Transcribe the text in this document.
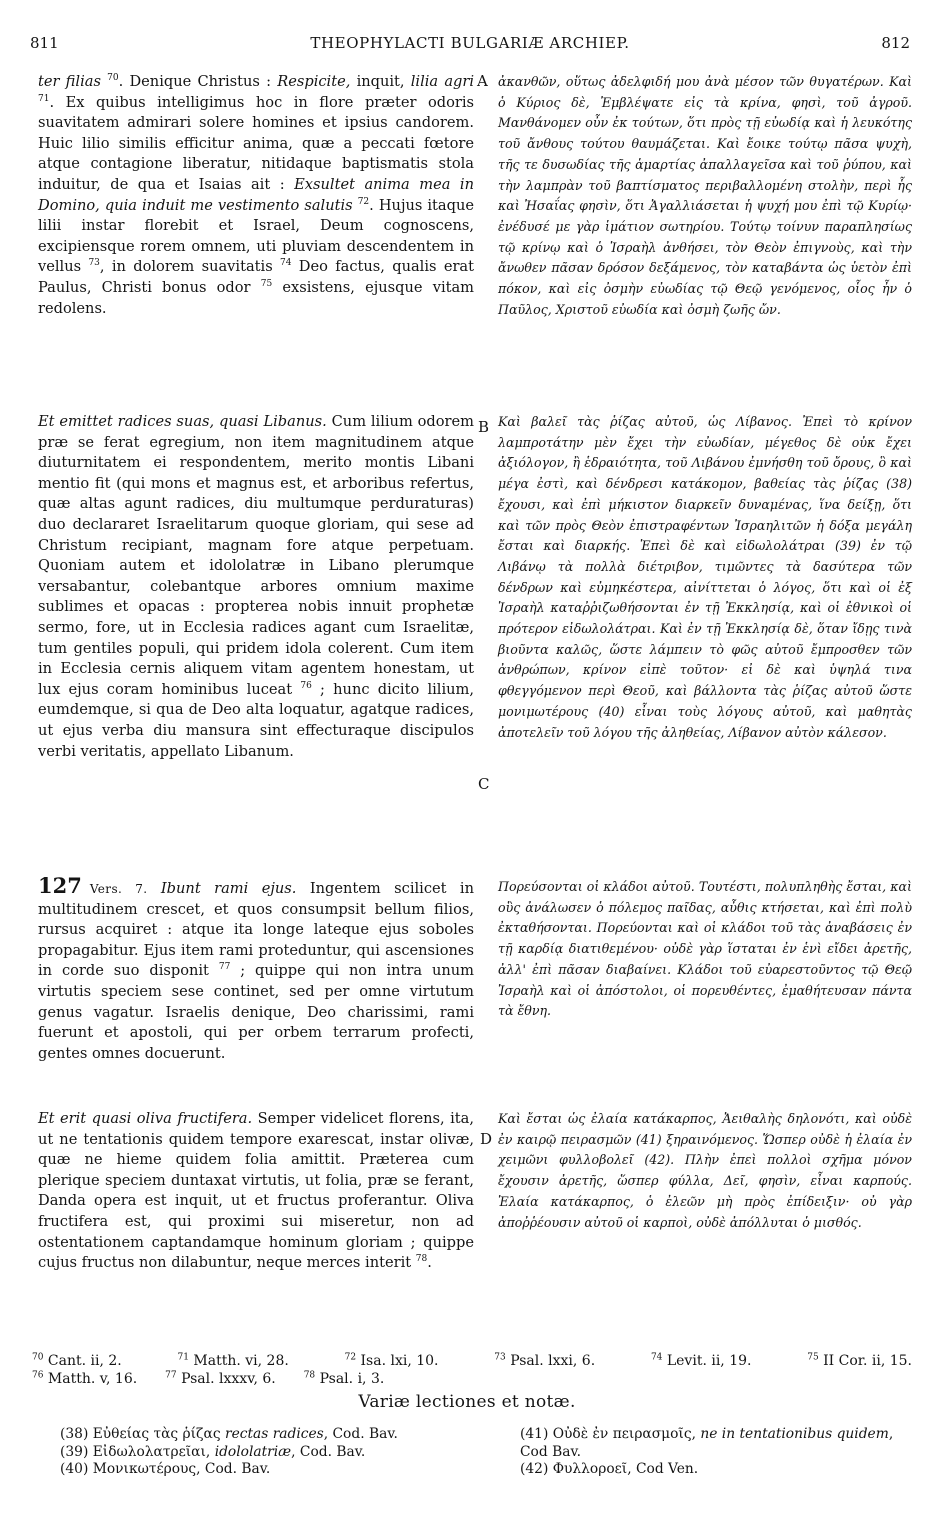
811	THEOPHYLACTI BULGARIÆ ARCHIEP.	812
A
B
C
D

ter filias $^{70}$. Denique Christus : Respicite, inquit, lilia agri $^{71}$. Ex quibus intelligimus hoc in flore præter odoris suavitatem admirari solere homines et ipsius candorem. Huic lilio similis efficitur anima, quæ a peccati fœtore atque contagione liberatur, nitidaque baptismatis stola induitur, de qua et Isaias ait : Exsultet anima mea in Domino, quia induit me vestimento salutis $^{72}$. Hujus itaque lilii instar florebit et Israel, Deum cognoscens, excipiensque rorem omnem, uti pluviam descendentem in vellus $^{73}$, in dolorem suavitatis $^{74}$ Deo factus, qualis erat Paulus, Christi bonus odor $^{75}$ exsistens, ejusque vitam redolens.

Et emittet radices suas, quasi Libanus. Cum lilium odorem præ se ferat egregium, non item magnitudinem atque diuturnitatem ei respondentem, merito montis Libani mentio fit (qui mons et magnus est, et arboribus refertus, quæ altas agunt radices, diu multumque perduraturas) duo declararet Israelitarum quoque gloriam, qui sese ad Christum recipiant, magnam fore atque perpetuam. Quoniam autem et idololatræ in Libano plerumque versabantur, colebantque arbores omnium maxime sublimes et opacas : propterea nobis innuit prophetæ sermo, fore, ut in Ecclesia radices agant cum Israelitæ, tum gentiles populi, qui pridem idola colerent. Cum item in Ecclesia cernis aliquem vitam agentem honestam, ut lux ejus coram hominibus luceat $^{76}$ ; hunc dicito lilium, eumdemque, si qua de Deo alta loquatur, agatque radices, ut ejus verba diu mansura sint effecturaque discipulos verbi veritatis, appellato Libanum.

127 Vers. 7. Ibunt rami ejus. Ingentem scilicet in multitudinem crescet, et quos consumpsit bellum filios, rursus acquiret : atque ita longe lateque ejus soboles propagabitur. Ejus item rami proteduntur, qui ascensiones in corde suo disponit $^{77}$ ; quippe qui non intra unum virtutis speciem sese continet, sed per omne virtutum genus vagatur. Israelis denique, Deo charissimi, rami fuerunt et apostoli, qui per orbem terrarum profecti, gentes omnes docuerunt.

Et erit quasi oliva fructifera. Semper videlicet florens, ita, ut ne tentationis quidem tempore exarescat, instar olivæ, quæ ne hieme quidem folia amittit. Præterea cum plerique speciem duntaxat virtutis, ut folia, præ se ferant, Danda opera est inquit, ut et fructus proferantur. Oliva fructifera est, qui proximi sui miseretur, non ad ostentationem captandamque hominum gloriam ; quippe cujus fructus non dilabuntur, neque merces interit $^{78}$.

ἀκανθῶν, οὕτως ἀδελφιδή μου ἀνὰ μέσον τῶν θυγατέρων. Καὶ ὁ Κύριος δὲ, Ἐμβλέψατε εἰς τὰ κρίνα, φησὶ, τοῦ ἀγροῦ. Μανθάνομεν οὖν ἐκ τούτων, ὅτι πρὸς τῇ εὐωδίᾳ καὶ ἡ λευκότης τοῦ ἄνθους τούτου θαυμάζεται. Καὶ ἔοικε τούτῳ πᾶσα ψυχὴ, τῆς τε δυσωδίας τῆς ἁμαρτίας ἀπαλλαγεῖσα καὶ τοῦ ῥύπου, καὶ τὴν λαμπρὰν τοῦ βαπτίσματος περιβαλλομένη στολὴν, περὶ ἧς καὶ Ἠσαΐας φησὶν, ὅτι Ἀγαλλιάσεται ἡ ψυχή μου ἐπὶ τῷ Κυρίῳ· ἐνέδυσέ με γὰρ ἱμάτιον σωτηρίου. Τούτῳ τοίνυν παραπλησίως τῷ κρίνῳ καὶ ὁ Ἰσραὴλ ἀνθήσει, τὸν Θεὸν ἐπιγνοὺς, καὶ τὴν ἄνωθεν πᾶσαν δρόσον δεξάμενος, τὸν καταβάντα ὡς ὑετὸν ἐπὶ πόκον, καὶ εἰς ὀσμὴν εὐωδίας τῷ Θεῷ γενόμενος, οἷος ἦν ὁ Παῦλος, Χριστοῦ εὐωδία καὶ ὀσμὴ ζωῆς ὤν.

Καὶ βαλεῖ τὰς ῥίζας αὐτοῦ, ὡς Λίβανος. Ἐπεὶ τὸ κρίνον λαμπροτάτην μὲν ἔχει τὴν εὐωδίαν, μέγεθος δὲ οὐκ ἔχει ἀξιόλογον, ἢ ἑδραιότητα, τοῦ Λιβάνου ἐμνήσθη τοῦ ὄρους, ὃ καὶ μέγα ἐστὶ, καὶ δένδρεσι κατάκομον, βαθείας τὰς ῥίζας (38) ἔχουσι, καὶ ἐπὶ μήκιστον διαρκεῖν δυναμένας, ἵνα δείξῃ, ὅτι καὶ τῶν πρὸς Θεὸν ἐπιστραφέντων Ἰσραηλιτῶν ἡ δόξα μεγάλη ἔσται καὶ διαρκής. Ἐπεὶ δὲ καὶ εἰδωλολάτραι (39) ἐν τῷ Λιβάνῳ τὰ πολλὰ διέτριβον, τιμῶντες τὰ δασύτερα τῶν δένδρων καὶ εὐμηκέστερα, αἰνίττεται ὁ λόγος, ὅτι καὶ οἱ ἐξ Ἰσραὴλ καταῤῥιζωθήσονται ἐν τῇ Ἐκκλησίᾳ, καὶ οἱ ἐθνικοὶ οἱ πρότερον εἰδωλολάτραι. Καὶ ἐν τῇ Ἐκκλησίᾳ δὲ, ὅταν ἴδῃς τινὰ βιοῦντα καλῶς, ὥστε λάμπειν τὸ φῶς αὐτοῦ ἔμπροσθεν τῶν ἀνθρώπων, κρίνον εἰπὲ τοῦτον· εἰ δὲ καὶ ὑψηλά τινα φθεγγόμενον περὶ Θεοῦ, καὶ βάλλοντα τὰς ῥίζας αὐτοῦ ὥστε μονιμωτέρους (40) εἶναι τοὺς λόγους αὐτοῦ, καὶ μαθητὰς ἀποτελεῖν τοῦ λόγου τῆς ἀληθείας, Λίβανον αὐτὸν κάλεσον.

Πορεύσονται οἱ κλάδοι αὐτοῦ. Τουτέστι, πολυπληθὴς ἔσται, καὶ οὓς ἀνάλωσεν ὁ πόλεμος παῖδας, αὖθις κτήσεται, καὶ ἐπὶ πολὺ ἐκταθήσονται. Πορεύονται καὶ οἱ κλάδοι τοῦ τὰς ἀναβάσεις ἐν τῇ καρδίᾳ διατιθεμένου· οὐδὲ γὰρ ἵσταται ἐν ἑνὶ εἴδει ἀρετῆς, ἀλλ' ἐπὶ πᾶσαν διαβαίνει. Κλάδοι τοῦ εὐαρεστοῦντος τῷ Θεῷ Ἰσραὴλ καὶ οἱ ἀπόστολοι, οἱ πορευθέντες, ἐμαθήτευσαν πάντα τὰ ἔθνη.

Καὶ ἔσται ὡς ἐλαία κατάκαρπος, Ἀειθαλὴς δηλονότι, καὶ οὐδὲ ἐν καιρῷ πειρασμῶν (41) ξηραινόμενος. Ὥσπερ οὐδὲ ἡ ἐλαία ἐν χειμῶνι φυλλοβολεῖ (42). Πλὴν ἐπεὶ πολλοὶ σχῆμα μόνον ἔχουσιν ἀρετῆς, ὥσπερ φύλλα, Δεῖ, φησὶν, εἶναι καρπούς. Ἐλαία κατάκαρπος, ὁ ἐλεῶν μὴ πρὸς ἐπίδειξιν· οὐ γὰρ ἀποῤῥέουσιν αὐτοῦ οἱ καρποὶ, οὐδὲ ἀπόλλυται ὁ μισθός.

$^{70}$ Cant. ii, 2.	$^{71}$ Matth. vi, 28.	$^{72}$ Isa. lxi, 10.	$^{73}$ Psal. lxxi, 6.	$^{74}$ Levit. ii, 19.	$^{75}$ II Cor. ii, 15.
$^{76}$ Matth. v, 16.	$^{77}$ Psal. lxxxv, 6.	$^{78}$ Psal. i, 3.
Variæ lectiones et notæ.

(38) Εὐθείας τὰς ῥίζας rectas radices, Cod. Bav.

(39) Εἰδωλολατρεῖαι, idololatriæ, Cod. Bav.

(40) Μονικωτέρους, Cod. Bav.

(41) Οὐδὲ ἐν πειρασμοῖς, ne in tentationibus quidem, Cod Bav.

(42) Φυλλοροεῖ, Cod Ven.
